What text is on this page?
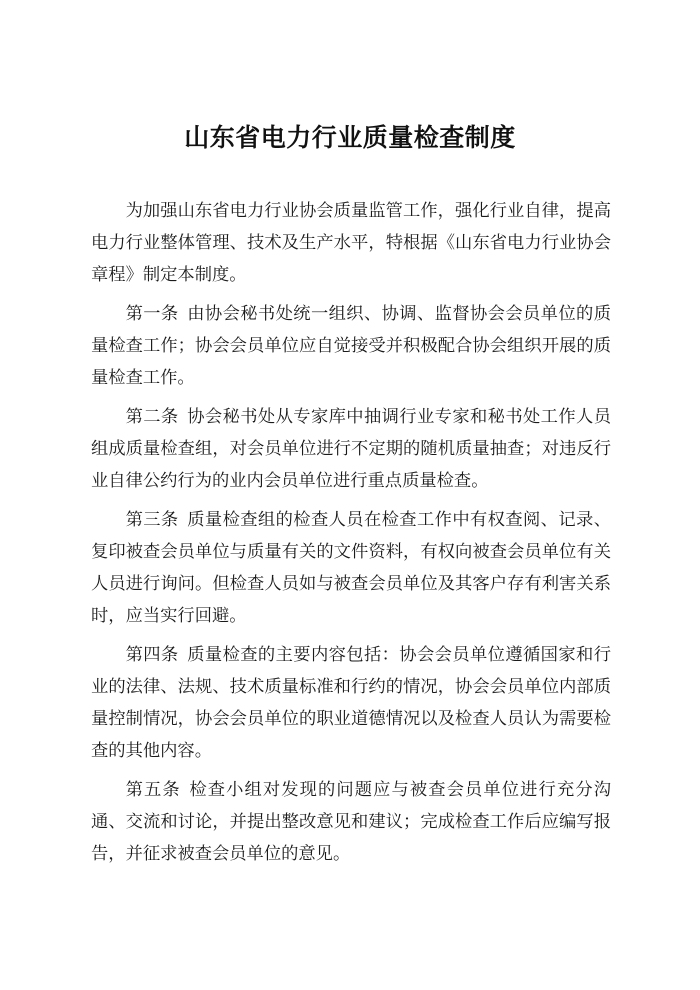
山东省电力行业质量检查制度

为加强山东省电力行业协会质量监管工作，强化行业自律，提高电力行业整体管理、技术及生产水平，特根据《山东省电力行业协会章程》制定本制度。

第一条 由协会秘书处统一组织、协调、监督协会会员单位的质量检查工作；协会会员单位应自觉接受并积极配合协会组织开展的质量检查工作。

第二条 协会秘书处从专家库中抽调行业专家和秘书处工作人员组成质量检查组，对会员单位进行不定期的随机质量抽查；对违反行业自律公约行为的业内会员单位进行重点质量检查。

第三条 质量检查组的检查人员在检查工作中有权查阅、记录、复印被查会员单位与质量有关的文件资料，有权向被查会员单位有关人员进行询问。但检查人员如与被查会员单位及其客户存有利害关系时，应当实行回避。

第四条 质量检查的主要内容包括：协会会员单位遵循国家和行业的法律、法规、技术质量标准和行约的情况，协会会员单位内部质量控制情况，协会会员单位的职业道德情况以及检查人员认为需要检查的其他内容。

第五条 检查小组对发现的问题应与被查会员单位进行充分沟通、交流和讨论，并提出整改意见和建议；完成检查工作后应编写报告，并征求被查会员单位的意见。
